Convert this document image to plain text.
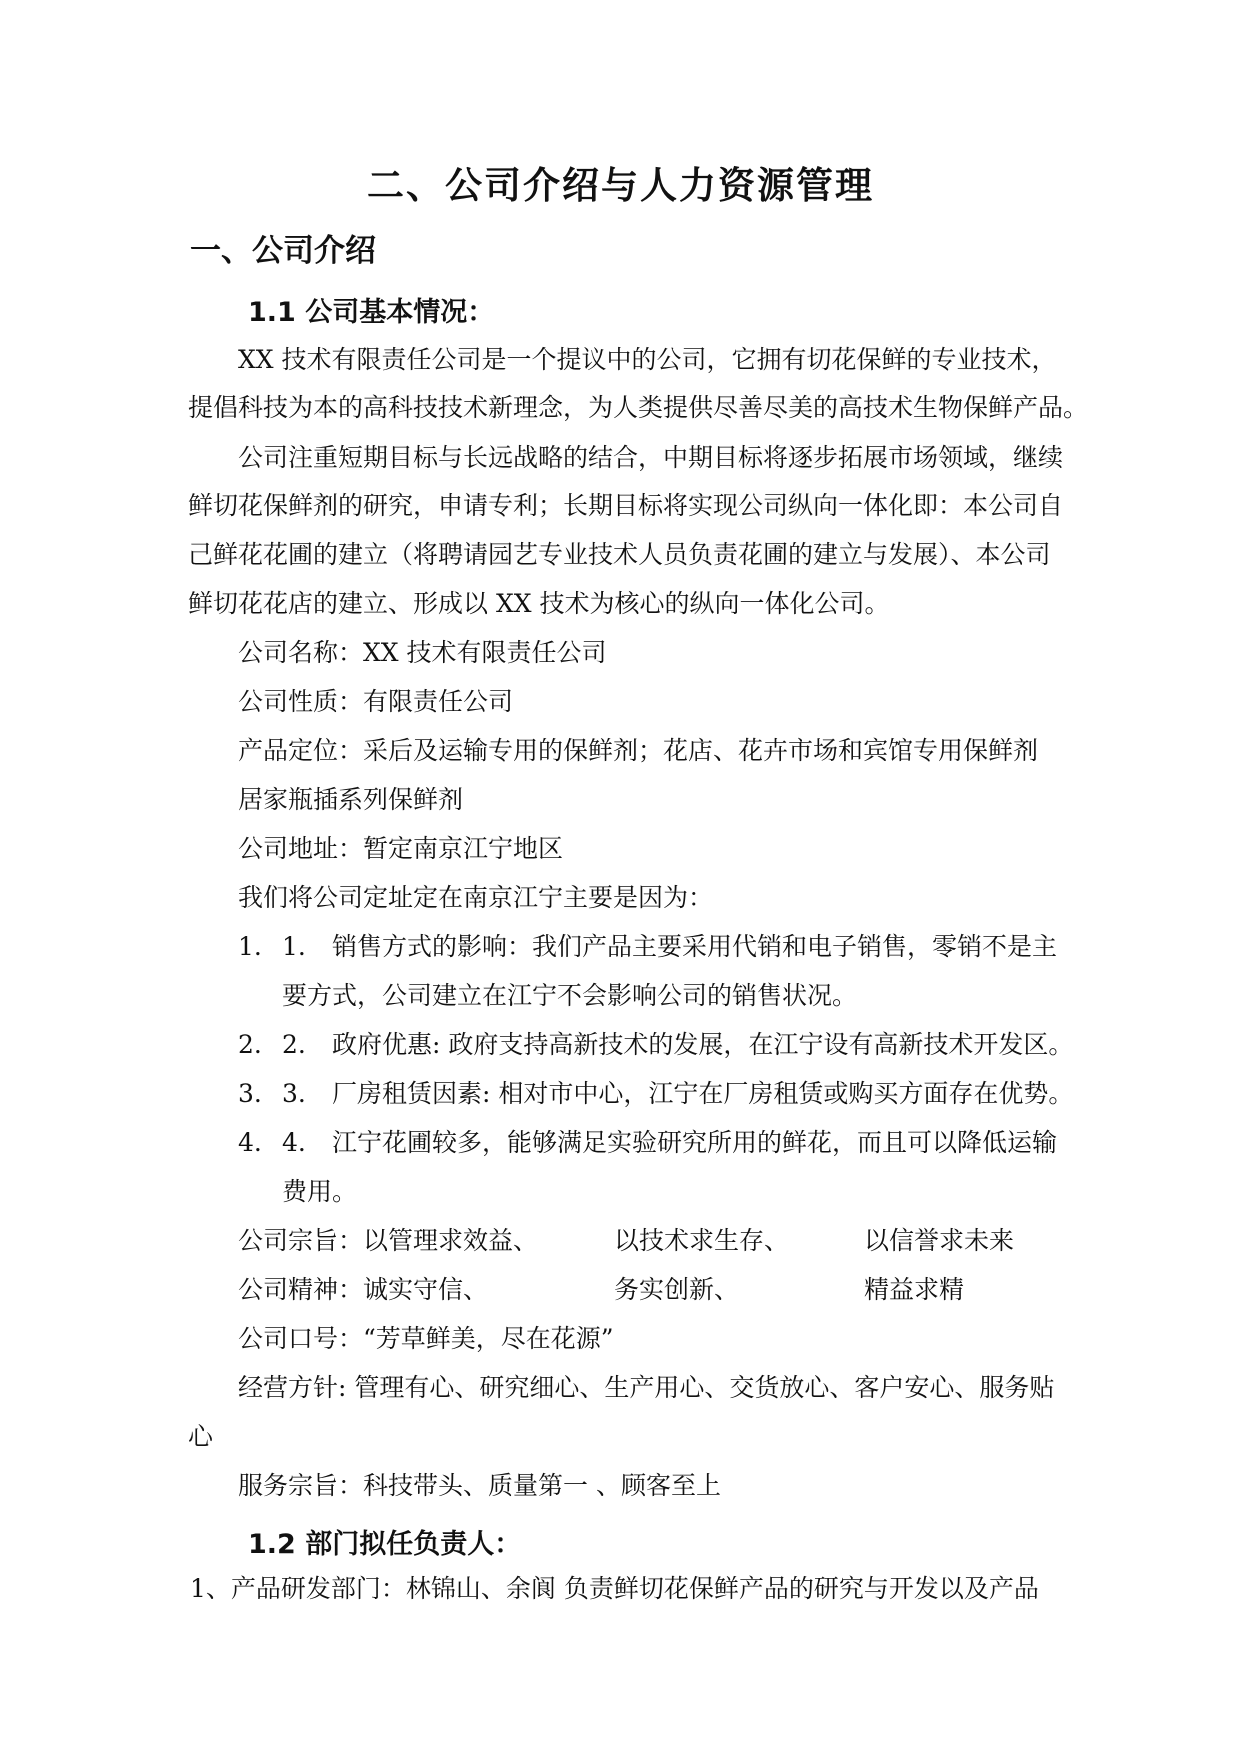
二、公司介绍与人力资源管理
一、公司介绍
1.1 公司基本情况：
XX 技术有限责任公司是一个提议中的公司，它拥有切花保鲜的专业技术，
提倡科技为本的高科技技术新理念，为人类提供尽善尽美的高技术生物保鲜产品。
公司注重短期目标与长远战略的结合，中期目标将逐步拓展市场领域，继续
鲜切花保鲜剂的研究，申请专利；长期目标将实现公司纵向一体化即：本公司自
己鲜花花圃的建立（将聘请园艺专业技术人员负责花圃的建立与发展）、本公司
鲜切花花店的建立、形成以 XX 技术为核心的纵向一体化公司。
公司名称：XX 技术有限责任公司
公司性质：有限责任公司
产品定位：采后及运输专用的保鲜剂；花店、花卉市场和宾馆专用保鲜剂
居家瓶插系列保鲜剂
公司地址：暂定南京江宁地区
我们将公司定址定在南京江宁主要是因为：
1. 1. 销售方式的影响：我们产品主要采用代销和电子销售，零销不是主
要方式，公司建立在江宁不会影响公司的销售状况。
2. 2. 政府优惠: 政府支持高新技术的发展，在江宁设有高新技术开发区。
3. 3. 厂房租赁因素: 相对市中心，江宁在厂房租赁或购买方面存在优势。
4. 4. 江宁花圃较多，能够满足实验研究所用的鲜花，而且可以降低运输
费用。
公司宗旨：以管理求效益、	以技术求生存、	以信誉求未来
公司精神：诚实守信、	务实创新、	精益求精
公司口号：“芳草鲜美，尽在花源”
经营方针: 管理有心、研究细心、生产用心、交货放心、客户安心、服务贴
心
服务宗旨：科技带头、质量第一 、顾客至上
1.2 部门拟任负责人：
1、产品研发部门：林锦山、余阆 负责鲜切花保鲜产品的研究与开发以及产品
